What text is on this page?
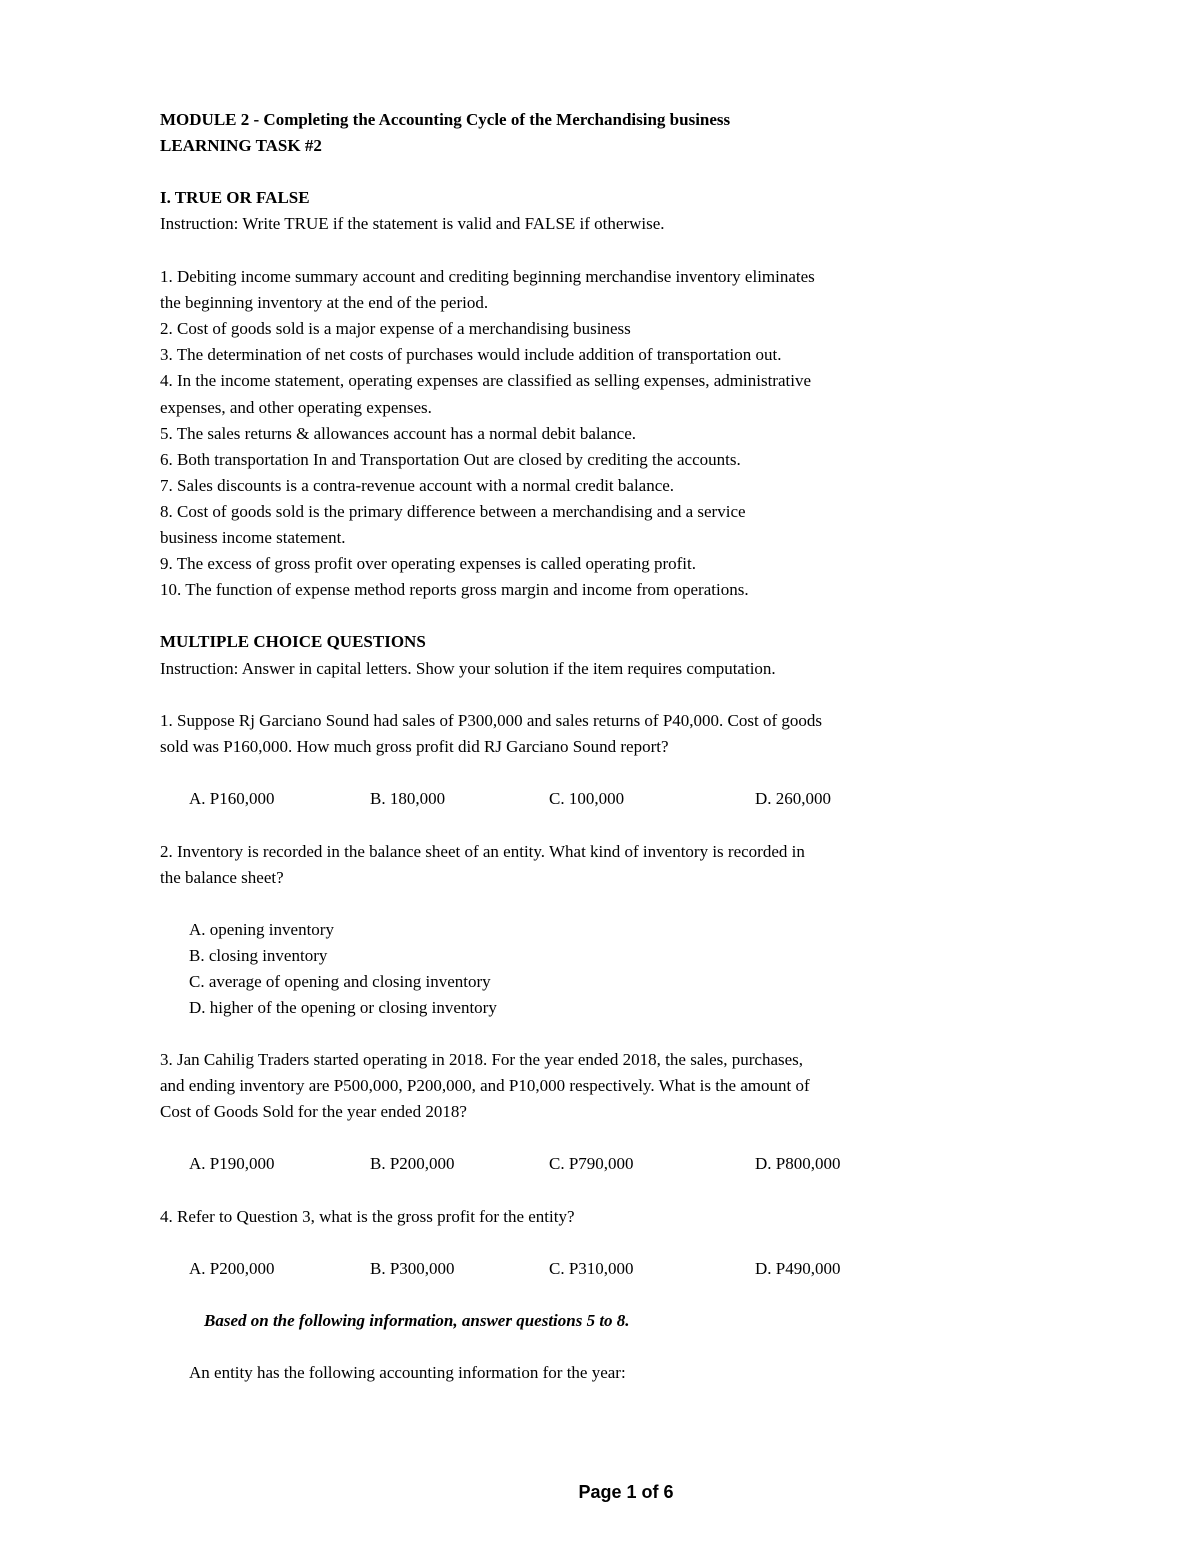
MODULE 2 - Completing the Accounting Cycle of the Merchandising business
LEARNING TASK #2
I. TRUE OR FALSE
Instruction: Write TRUE if the statement is valid and FALSE if otherwise.
1. Debiting income summary account and crediting beginning merchandise inventory eliminates
the beginning inventory at the end of the period.
2. Cost of goods sold is a major expense of a merchandising business
3. The determination of net costs of purchases would include addition of transportation out.
4. In the income statement, operating expenses are classified as selling expenses, administrative
expenses, and other operating expenses.
5. The sales returns & allowances account has a normal debit balance.
6. Both transportation In and Transportation Out are closed by crediting the accounts.
7. Sales discounts is a contra-revenue account with a normal credit balance.
8. Cost of goods sold is the primary difference between a merchandising and a service
business income statement.
9. The excess of gross profit over operating expenses is called operating profit.
10. The function of expense method reports gross margin and income from operations.
MULTIPLE CHOICE QUESTIONS
Instruction: Answer in capital letters. Show your solution if the item requires computation.
1. Suppose Rj Garciano Sound had sales of P300,000 and sales returns of P40,000. Cost of goods
sold was P160,000. How much gross profit did RJ Garciano Sound report?
A. P160,000	B. 180,000	C. 100,000	D. 260,000
2. Inventory is recorded in the balance sheet of an entity. What kind of inventory is recorded in
the balance sheet?
A. opening inventory
B. closing inventory
C. average of opening and closing inventory
D. higher of the opening or closing inventory
3. Jan Cahilig Traders started operating in 2018. For the year ended 2018, the sales, purchases,
and ending inventory are P500,000, P200,000, and P10,000 respectively. What is the amount of
Cost of Goods Sold for the year ended 2018?
A. P190,000	B. P200,000	C. P790,000	D. P800,000
4. Refer to Question 3, what is the gross profit for the entity?
A. P200,000	B. P300,000	C. P310,000	D. P490,000
Based on the following information, answer questions 5 to 8.
An entity has the following accounting information for the year:
Page 1 of 6
